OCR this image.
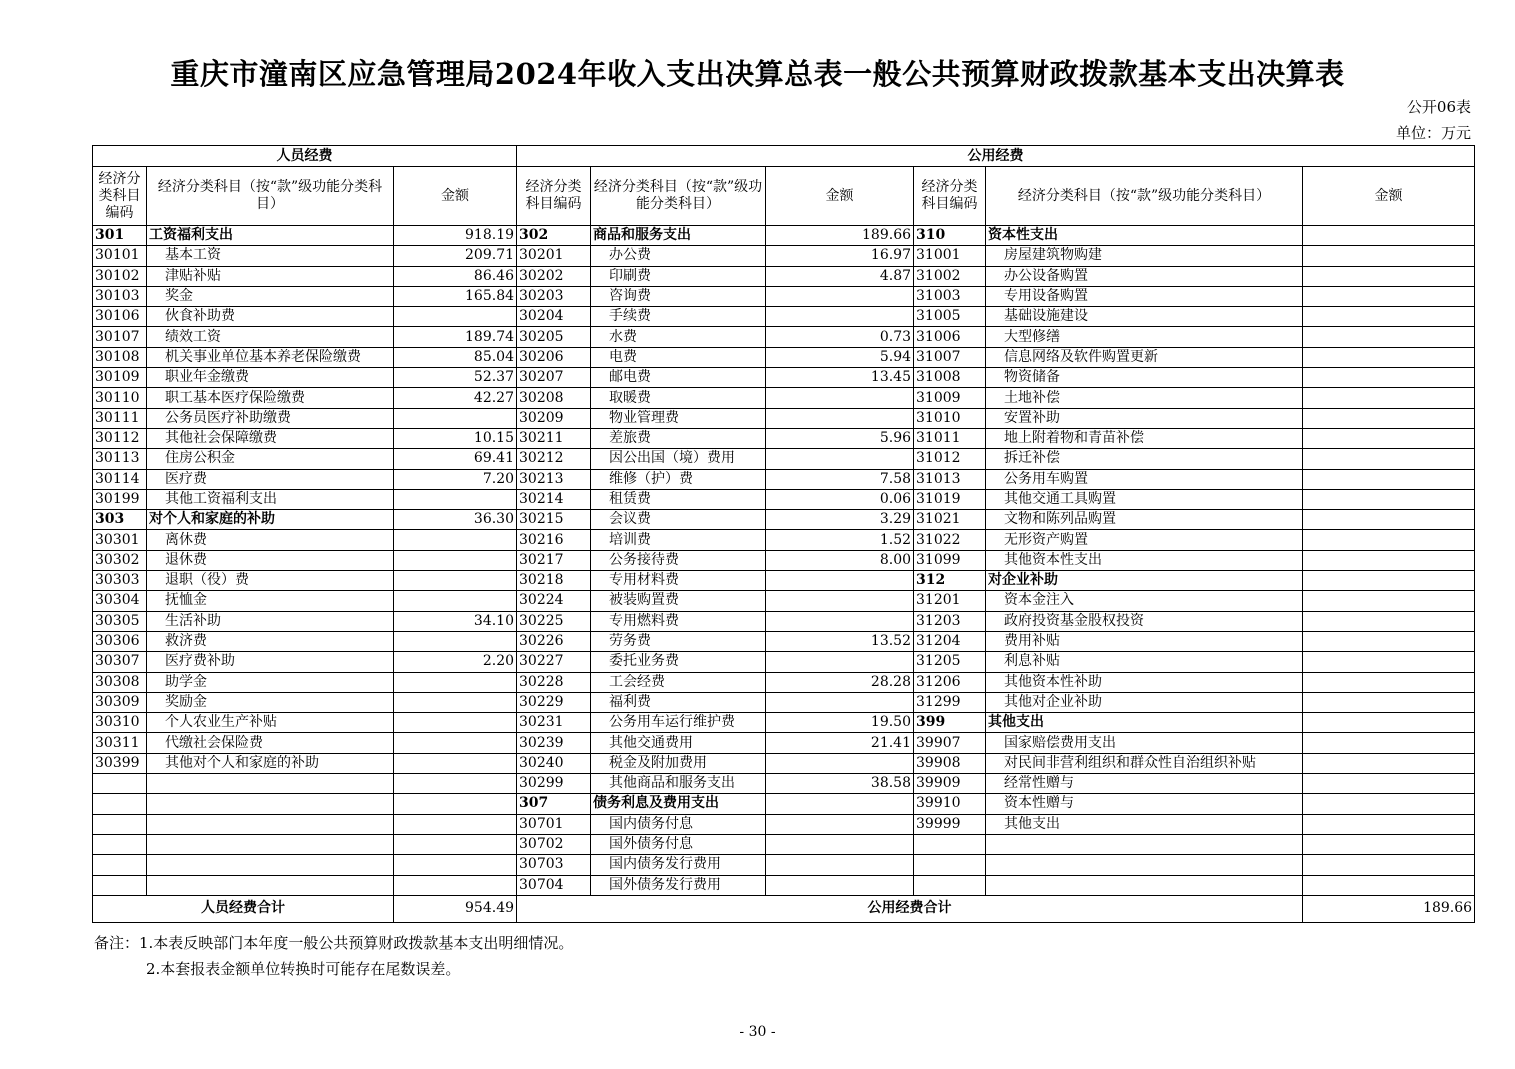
重庆市潼南区应急管理局2024年收入支出决算总表一般公共预算财政拨款基本支出决算表
公开06表
单位：万元
人员经费			公用经费					
经济分类科目编码	经济分类科目（按“款”级功能分类科目）	金额	经济分类科目编码	经济分类科目（按“款”级功能分类科目）	金额	经济分类科目编码	经济分类科目（按“款”级功能分类科目）	金额
301	工资福利支出	918.19	302	商品和服务支出	189.66	310	资本性支出	
30101	基本工资	209.71	30201	办公费	16.97	31001	房屋建筑物购建	
30102	津贴补贴	86.46	30202	印刷费	4.87	31002	办公设备购置	
30103	奖金	165.84	30203	咨询费		31003	专用设备购置	
30106	伙食补助费		30204	手续费		31005	基础设施建设	
30107	绩效工资	189.74	30205	水费	0.73	31006	大型修缮	
30108	机关事业单位基本养老保险缴费	85.04	30206	电费	5.94	31007	信息网络及软件购置更新	
30109	职业年金缴费	52.37	30207	邮电费	13.45	31008	物资储备	
30110	职工基本医疗保险缴费	42.27	30208	取暖费		31009	土地补偿	
30111	公务员医疗补助缴费		30209	物业管理费		31010	安置补助	
30112	其他社会保障缴费	10.15	30211	差旅费	5.96	31011	地上附着物和青苗补偿	
30113	住房公积金	69.41	30212	因公出国（境）费用		31012	拆迁补偿	
30114	医疗费	7.20	30213	维修（护）费	7.58	31013	公务用车购置	
30199	其他工资福利支出		30214	租赁费	0.06	31019	其他交通工具购置	
303	对个人和家庭的补助	36.30	30215	会议费	3.29	31021	文物和陈列品购置	
30301	离休费		30216	培训费	1.52	31022	无形资产购置	
30302	退休费		30217	公务接待费	8.00	31099	其他资本性支出	
30303	退职（役）费		30218	专用材料费		312	对企业补助	
30304	抚恤金		30224	被装购置费		31201	资本金注入	
30305	生活补助	34.10	30225	专用燃料费		31203	政府投资基金股权投资	
30306	救济费		30226	劳务费	13.52	31204	费用补贴	
30307	医疗费补助	2.20	30227	委托业务费		31205	利息补贴	
30308	助学金		30228	工会经费	28.28	31206	其他资本性补助	
30309	奖励金		30229	福利费		31299	其他对企业补助	
30310	个人农业生产补贴		30231	公务用车运行维护费	19.50	399	其他支出	
30311	代缴社会保险费		30239	其他交通费用	21.41	39907	国家赔偿费用支出	
30399	其他对个人和家庭的补助		30240	税金及附加费用		39908	对民间非营利组织和群众性自治组织补贴	
			30299	其他商品和服务支出	38.58	39909	经常性赠与	
			307	债务利息及费用支出		39910	资本性赠与	
			30701	国内债务付息		39999	其他支出	
			30702	国外债务付息				
			30703	国内债务发行费用				
			30704	国外债务发行费用				
人员经费合计		954.49	公用经费合计					189.66
备注：1.本表反映部门本年度一般公共预算财政拨款基本支出明细情况。
2.本套报表金额单位转换时可能存在尾数误差。
- 30 -
